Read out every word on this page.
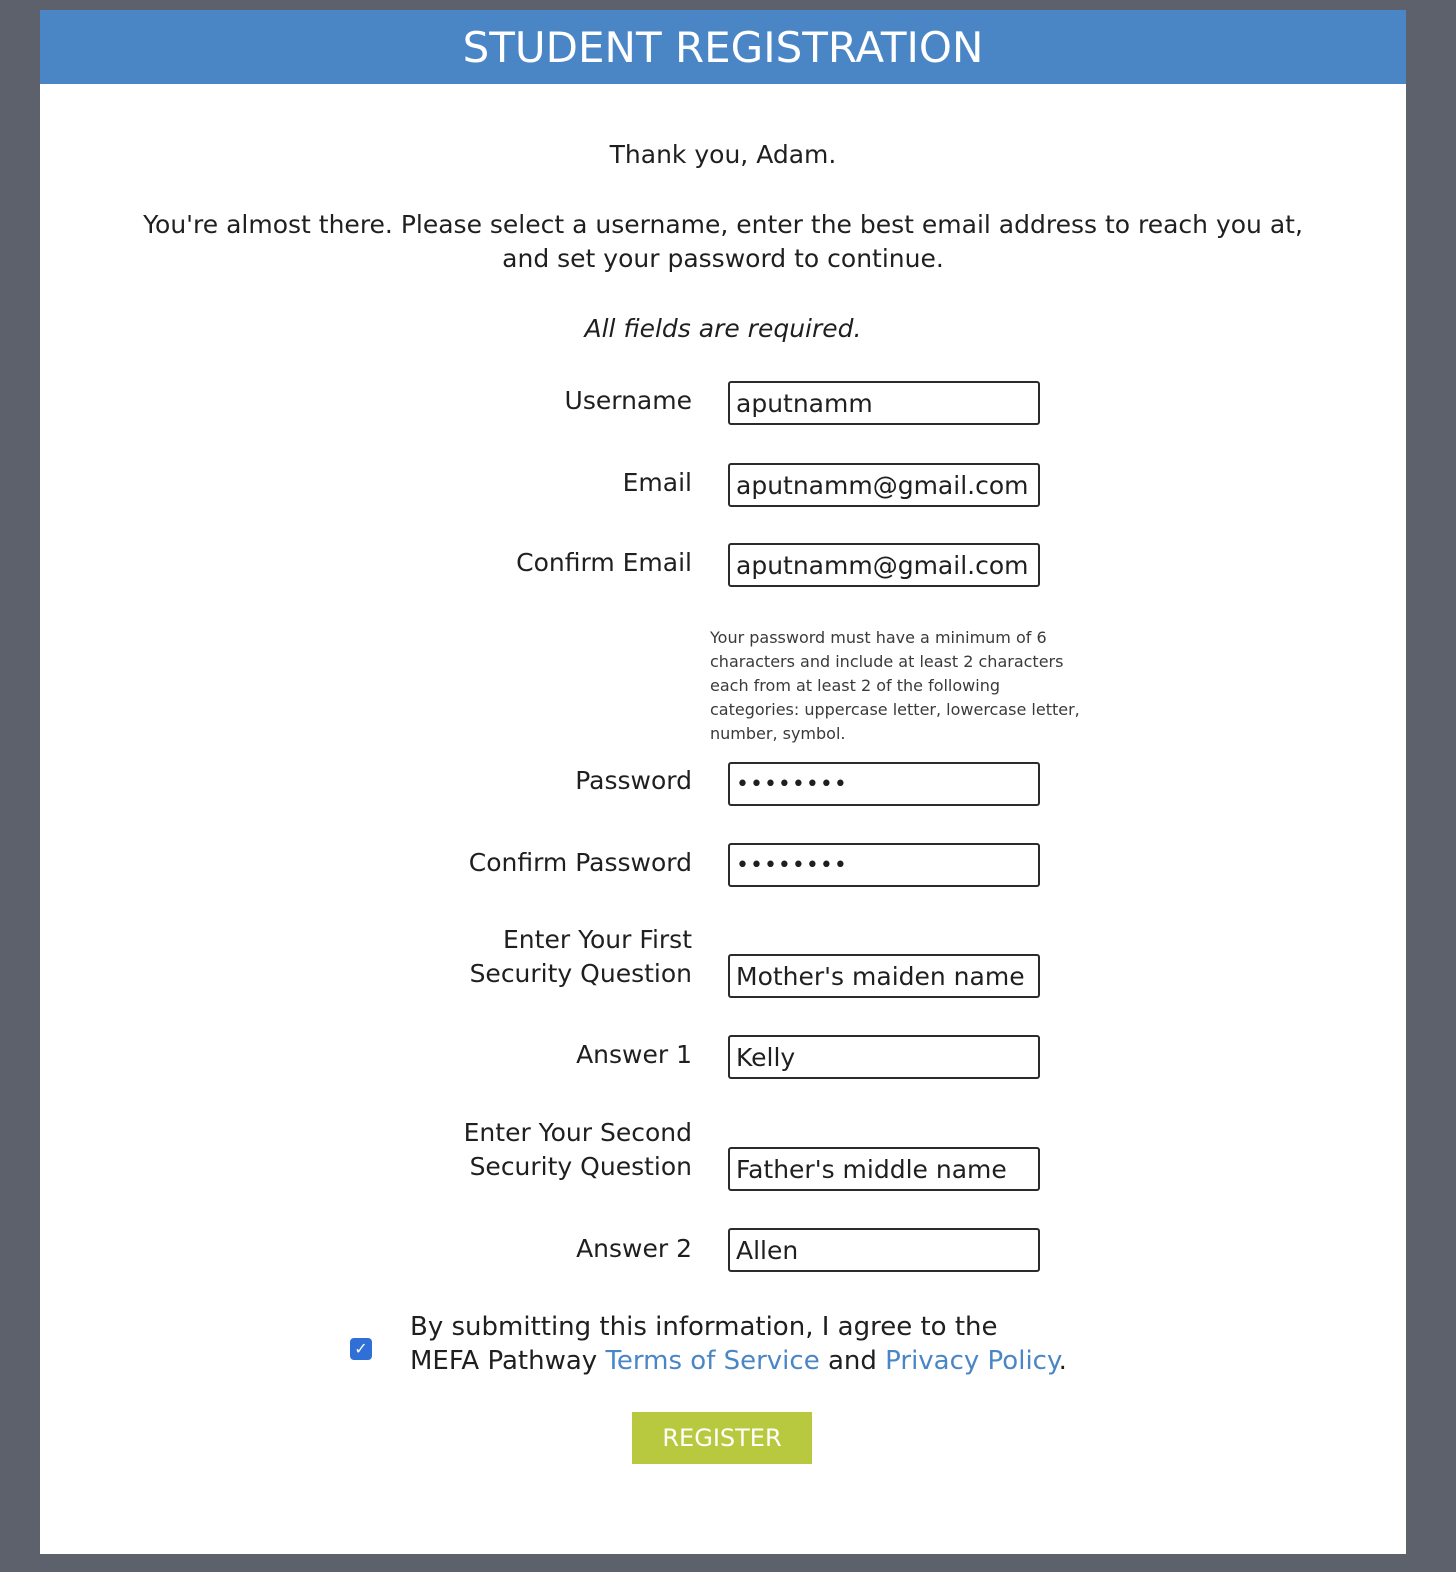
STUDENT REGISTRATION
Thank you, Adam.
You're almost there. Please select a username, enter the best email address to reach you at, and set your password to continue.
All fields are required.
Username
aputnamm
Email
aputnamm@gmail.com
Confirm Email
aputnamm@gmail.com
Your password must have a minimum of 6 characters and include at least 2 characters each from at least 2 of the following categories: uppercase letter, lowercase letter, number, symbol.
Password
••••••••
Confirm Password
••••••••
Enter Your First
Security Question
Mother's maiden name
Answer 1
Kelly
Enter Your Second
Security Question
Father's middle name
Answer 2
Allen
✓
By submitting this information, I agree to the MEFA Pathway Terms of Service and Privacy Policy.
REGISTER
